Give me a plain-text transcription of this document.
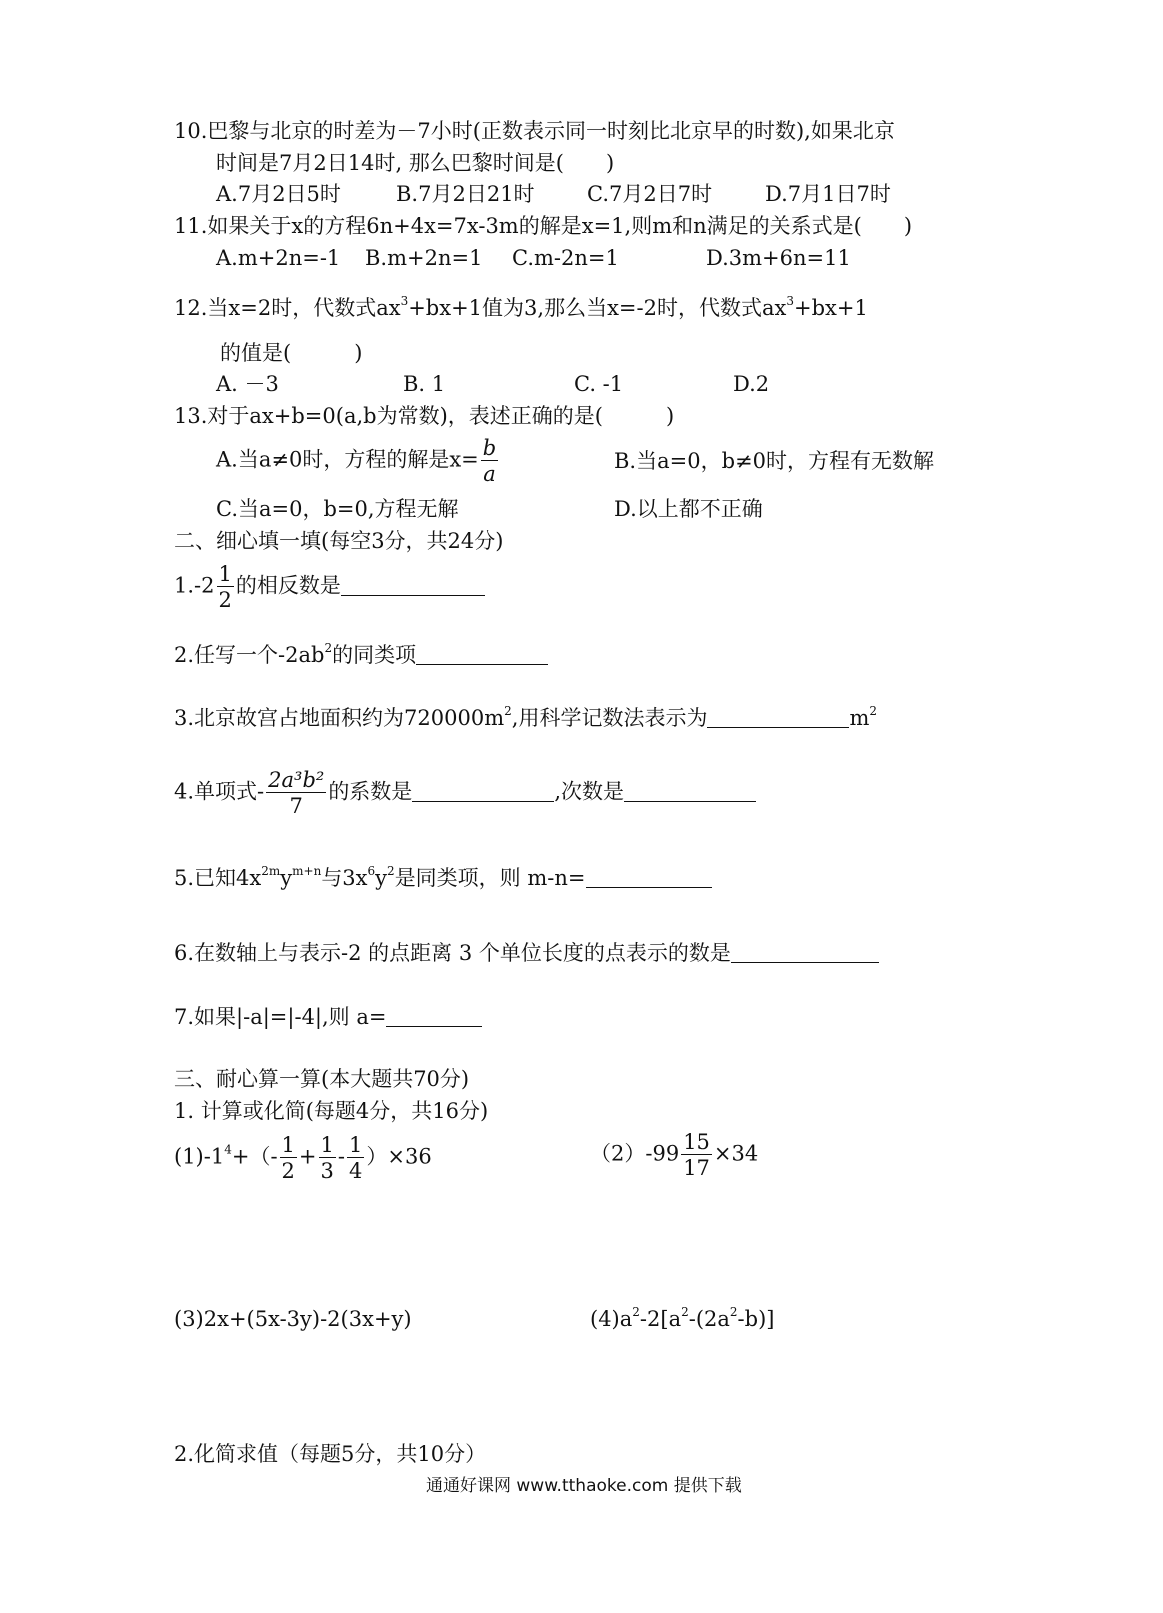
10.巴黎与北京的时差为－7小时(正数表示同一时刻比北京早的时数),如果北京
时间是7月2日14时, 那么巴黎时间是(　　)
A.7月2日5时	B.7月2日21时 C.7月2日7时	D.7月1日7时
11.如果关于x的方程6n+4x=7x-3m的解是x=1,则m和n满足的关系式是(　　)
A.m+2n=-1 B.m+2n=1 C.m-2n=1	D.3m+6n=11
12.当x=2时，代数式$ax^3+bx+1$值为3,那么当x=-2时，代数式$ax^3+bx+1$
的值是(　　　)
A. －3	B. 1	C. -1	D.2
13.对于ax+b=0(a,b为常数)，表述正确的是(　　　)
A.当a≠0时，方程的解是$x= \frac{b}{a}$	B.当a=0，b≠0时，方程有无数解
C.当a=0，b=0,方程无解	D.以上都不正确
二、细心填一填(每空3分，共24分)
$1.-2 \frac{1}{2}$ 的相反数是
2.任写一个$-2ab^2$的同类项
3.北京故宫占地面积约为$720000m^2$,用科学记数法表示为	$m^2$
4.单项式- $\frac{\text{2a³b²}}{7}$ 的系数是	,次数是
5.已知$4x^{2m}y^{m+n}$与$3x^6y^2$是同类项，则 m-n=
6.在数轴上与表示-2 的点距离 3 个单位长度的点表示的数是
7.如果|-a|=|-4|,则 a=
三、耐心算一算(本大题共70分)
1. 计算或化简(每题4分，共16分)
$(1)-1^4+(- \frac{1}{2} + \frac{1}{3} - \frac{1}{4} )\times 36$	$(2)-99 \frac{15}{17} \times 34$
(3)2x+(5x-3y)-2(3x+y)	$(4)a^2-2[a^2-(2a^2-b)]$
2.化简求值（每题5分，共10分）
通通好课网 www.tthaoke.com 提供下载
